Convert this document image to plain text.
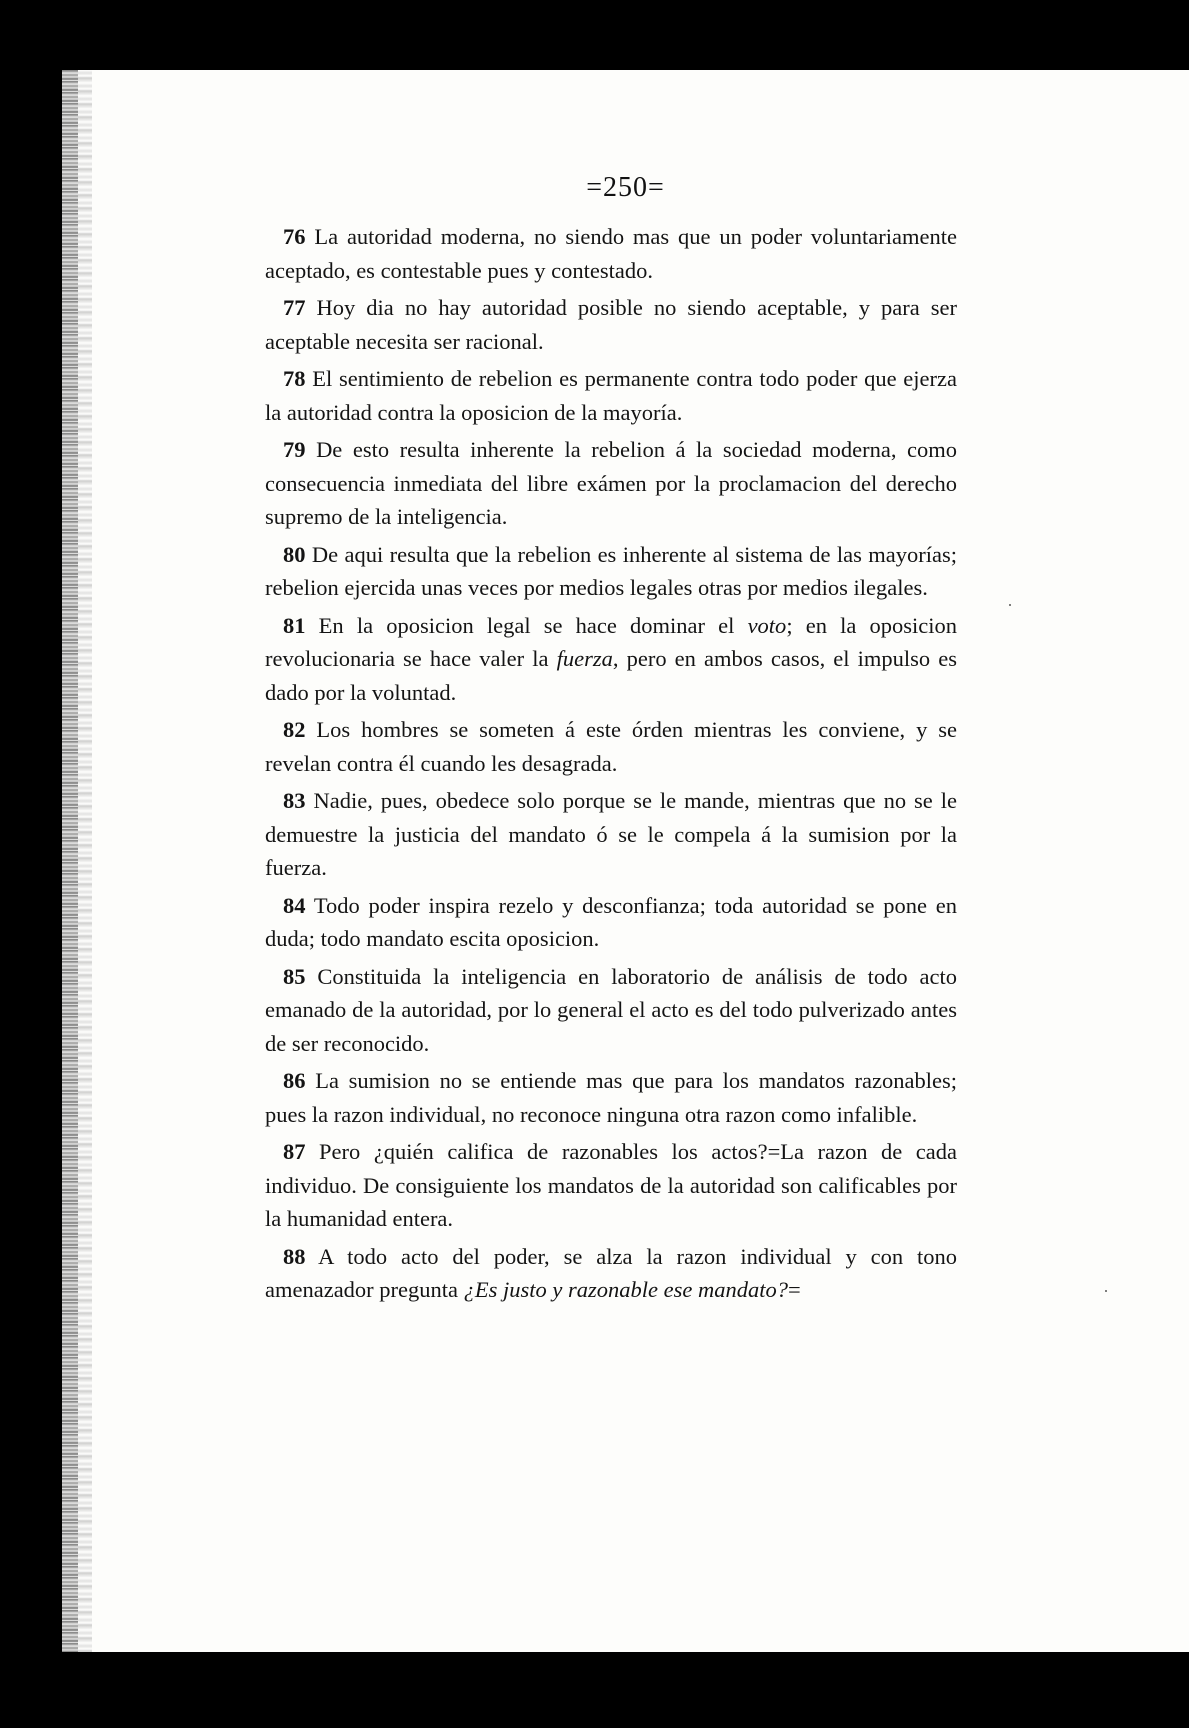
=250=

76 La autoridad moderna, no siendo mas que un poder voluntariamente aceptado, es contestable pues y contestado.

77 Hoy dia no hay autoridad posible no siendo aceptable, y para ser aceptable necesita ser racional.

78 El sentimiento de rebelion es permanente contra todo poder que ejerza la autoridad contra la oposicion de la mayoría.

79 De esto resulta inherente la rebelion á la sociedad moderna, como consecuencia inmediata del libre exámen por la proclamacion del derecho supremo de la inteligencia.

80 De aqui resulta que la rebelion es inherente al sistema de las mayorías; rebelion ejercida unas veces por medios legales otras por medios ilegales.

81 En la oposicion legal se hace dominar el voto; en la oposicion revolucionaria se hace valer la fuerza, pero en ambos casos, el impulso es dado por la voluntad.

82 Los hombres se someten á este órden mientras les conviene, y se revelan contra él cuando les desagrada.

83 Nadie, pues, obedece solo porque se le mande, mientras que no se le demuestre la justicia del mandato ó se le compela á la sumision por la fuerza.

84 Todo poder inspira rezelo y desconfianza; toda autoridad se pone en duda; todo mandato escita oposicion.

85 Constituida la inteligencia en laboratorio de análisis de todo acto emanado de la autoridad, por lo general el acto es del todo pulverizado antes de ser reconocido.

86 La sumision no se entiende mas que para los mandatos razonables; pues la razon individual, no reconoce ninguna otra razon como infalible.

87 Pero ¿quién califica de razonables los actos?=La razon de cada individuo. De consiguiente los mandatos de la autoridad son calificables por la humanidad entera.

88 A todo acto del poder, se alza la razon individual y con tono amenazador pregunta ¿Es justo y razonable ese mandato?=
